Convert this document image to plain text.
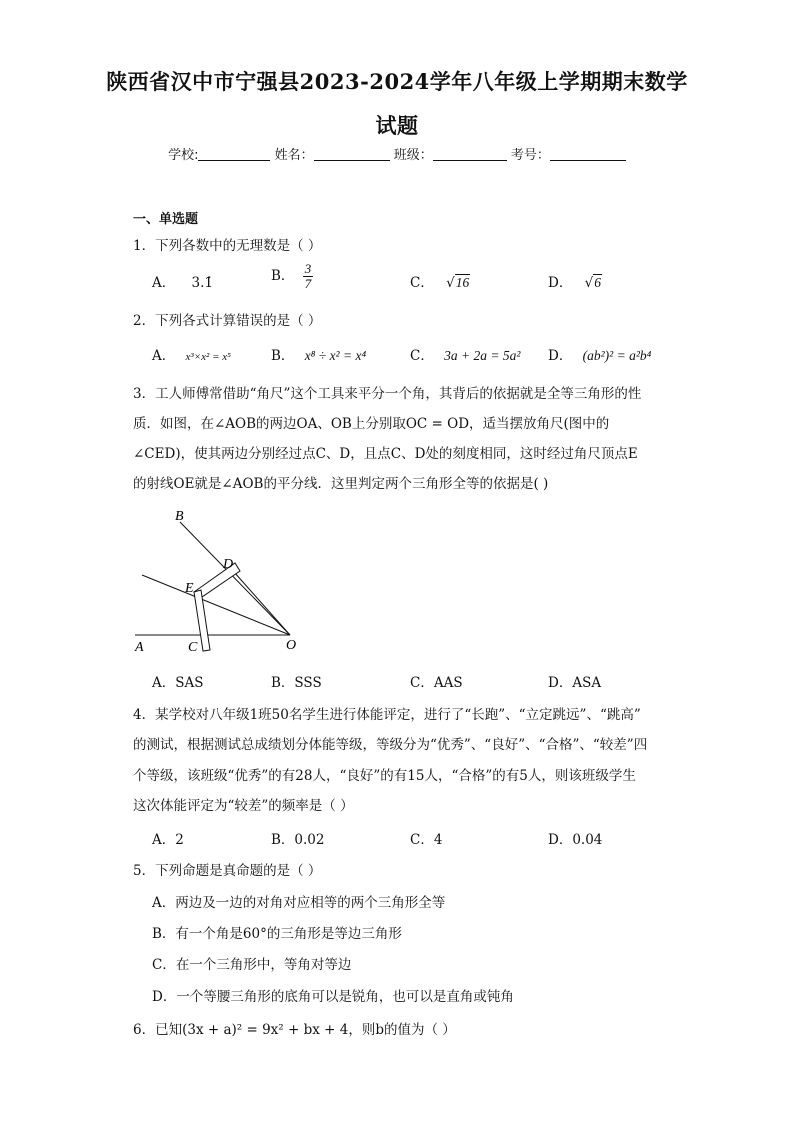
陕西省汉中市宁强县2023-2024学年八年级上学期期末数学
试题
学校:	姓名：	班级：	考号：
一、单选题
1．下列各数中的无理数是（ ）
A． 3.1̇	B． $\frac{3}{7}$	C． √16	D． √6
2．下列各式计算错误的是（ ）
A． x³×x² = x⁵	B． x⁸ ÷ x² = x⁴	C． 3a + 2a = 5a² D． (ab²)² = a²b⁴
3．工人师傅常借助“角尺”这个工具来平分一个角，其背后的依据就是全等三角形的性
质．如图，在∠AOB的两边OA、OB上分别取OC = OD，适当摆放角尺(图中的
∠CED)，使其两边分别经过点C、D，且点C、D处的刻度相同，这时经过角尺顶点E
的射线OE就是∠AOB的平分线．这里判定两个三角形全等的依据是( )
B
D
E
A	C	O
A．SAS	B．SSS	C．AAS	D．ASA
4．某学校对八年级1班50名学生进行体能评定，进行了“长跑”、“立定跳远”、“跳高”
的测试，根据测试总成绩划分体能等级，等级分为“优秀”、“良好”、“合格”、“较差”四
个等级，该班级“优秀”的有28人，“良好”的有15人，“合格”的有5人，则该班级学生
这次体能评定为“较差”的频率是（ ）
A．2	B．0.02	C．4	D．0.04
5．下列命题是真命题的是（ ）
A．两边及一边的对角对应相等的两个三角形全等
B．有一个角是60°的三角形是等边三角形
C．在一个三角形中，等角对等边
D．一个等腰三角形的底角可以是锐角，也可以是直角或钝角
6．已知(3x + a)² = 9x² + bx + 4，则b的值为（ ）
